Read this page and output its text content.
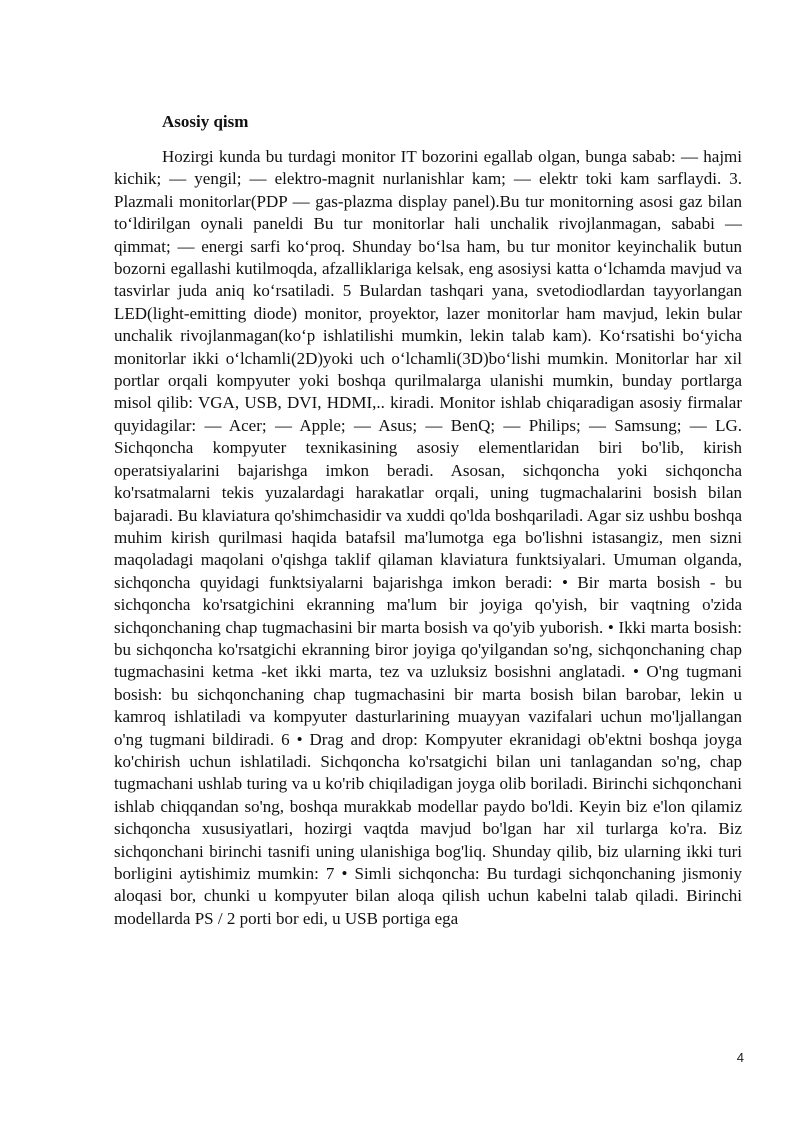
Asosiy qism

Hozirgi kunda bu turdagi monitor IT bozorini egallab olgan, bunga sabab: — hajmi kichik; — yengil; — elektro-magnit nurlanishlar kam; — elektr toki kam sarflaydi. 3. Plazmali monitorlar(PDP — gas-plazma display panel).Bu tur monitorning asosi gaz bilan toʻldirilgan oynali paneldi Bu tur monitorlar hali unchalik rivojlanmagan, sababi — qimmat; — energi sarfi koʻproq. Shunday boʻlsa ham, bu tur monitor keyinchalik butun bozorni egallashi kutilmoqda, afzalliklariga kelsak, eng asosiysi katta oʻlchamda mavjud va tasvirlar juda aniq koʻrsatiladi. 5 Bulardan tashqari yana, svetodiodlardan tayyorlangan LED(light-emitting diode) monitor, proyektor, lazer monitorlar ham mavjud, lekin bular unchalik rivojlanmagan(koʻp ishlatilishi mumkin, lekin talab kam). Koʻrsatishi boʻyicha monitorlar ikki oʻlchamli(2D)yoki uch oʻlchamli(3D)boʻlishi mumkin. Monitorlar har xil portlar orqali kompyuter yoki boshqa qurilmalarga ulanishi mumkin, bunday portlarga misol qilib: VGA, USB, DVI, HDMI,.. kiradi. Monitor ishlab chiqaradigan asosiy firmalar quyidagilar: — Acer; — Apple; — Asus; — BenQ; — Philips; — Samsung; — LG. Sichqoncha kompyuter texnikasining asosiy elementlaridan biri bo'lib, kirish operatsiyalarini bajarishga imkon beradi. Asosan, sichqoncha yoki sichqoncha ko'rsatmalarni tekis yuzalardagi harakatlar orqali, uning tugmachalarini bosish bilan bajaradi. Bu klaviatura qo'shimchasidir va xuddi qo'lda boshqariladi. Agar siz ushbu boshqa muhim kirish qurilmasi haqida batafsil ma'lumotga ega bo'lishni istasangiz, men sizni maqoladagi maqolani o'qishga taklif qilaman klaviatura funktsiyalari. Umuman olganda, sichqoncha quyidagi funktsiyalarni bajarishga imkon beradi: • Bir marta bosish - bu sichqoncha ko'rsatgichini ekranning ma'lum bir joyiga qo'yish, bir vaqtning o'zida sichqonchaning chap tugmachasini bir marta bosish va qo'yib yuborish. • Ikki marta bosish: bu sichqoncha ko'rsatgichi ekranning biror joyiga qo'yilgandan so'ng, sichqonchaning chap tugmachasini ketma -ket ikki marta, tez va uzluksiz bosishni anglatadi. • O'ng tugmani bosish: bu sichqonchaning chap tugmachasini bir marta bosish bilan barobar, lekin u kamroq ishlatiladi va kompyuter dasturlarining muayyan vazifalari uchun mo'ljallangan o'ng tugmani bildiradi. 6 • Drag and drop: Kompyuter ekranidagi ob'ektni boshqa joyga ko'chirish uchun ishlatiladi. Sichqoncha ko'rsatgichi bilan uni tanlagandan so'ng, chap tugmachani ushlab turing va u ko'rib chiqiladigan joyga olib boriladi. Birinchi sichqonchani ishlab chiqqandan so'ng, boshqa murakkab modellar paydo bo'ldi. Keyin biz e'lon qilamiz sichqoncha xususiyatlari, hozirgi vaqtda mavjud bo'lgan har xil turlarga ko'ra. Biz sichqonchani birinchi tasnifi uning ulanishiga bog'liq. Shunday qilib, biz ularning ikki turi borligini aytishimiz mumkin: 7 • Simli sichqoncha: Bu turdagi sichqonchaning jismoniy aloqasi bor, chunki u kompyuter bilan aloqa qilish uchun kabelni talab qiladi. Birinchi modellarda PS / 2 porti bor edi, u USB portiga ega

4
